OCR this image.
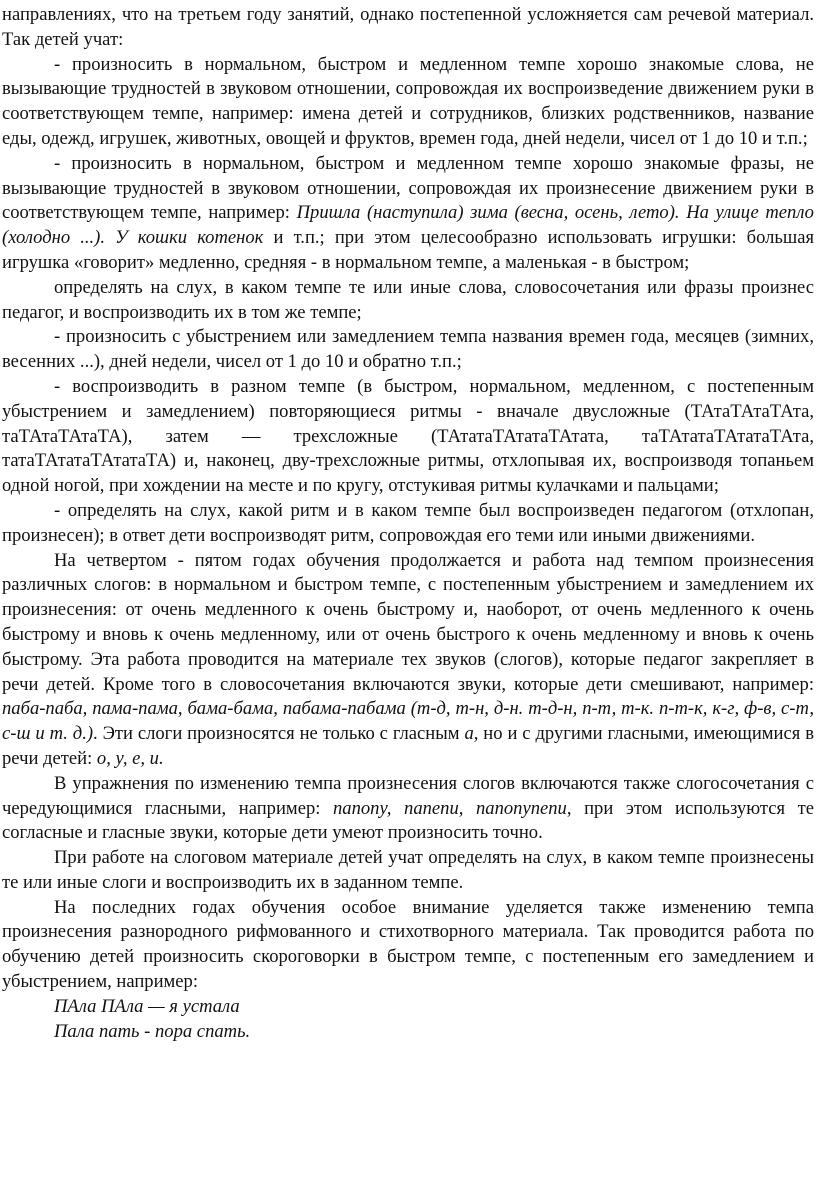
направлениях, что на третьем году занятий, однако постепенной усложняется сам речевой материал. Так детей учат:

- произносить в нормальном, быстром и медленном темпе хорошо знакомые слова, не вызывающие трудностей в звуковом отношении, сопровождая их воспроизведение движением руки в соответствующем темпе, например: имена детей и сотрудников, близких родственников, название еды, одежд, игрушек, животных, овощей и фруктов, времен года, дней недели, чисел от 1 до 10 и т.п.;

- произносить в нормальном, быстром и медленном темпе хорошо знакомые фразы, не вызывающие трудностей в звуковом отношении, сопровождая их произнесение движением руки в соответствующем темпе, например: Пришла (наступила) зима (весна, осень, лето). На улице тепло (холодно ...). У кошки котенок и т.п.; при этом целесообразно использовать игрушки: большая игрушка «говорит» медленно, средняя - в нормальном темпе, а маленькая - в быстром;

определять на слух, в каком темпе те или иные слова, словосочетания или фразы произнес педагог, и воспроизводить их в том же темпе;

- произносить с убыстрением или замедлением темпа названия времен года, месяцев (зимних, весенних ...), дней недели, чисел от 1 до 10 и обратно т.п.;

- воспроизводить в разном темпе (в быстром, нормальном, медленном, с постепенным убыстрением и замедлением) повторяющиеся ритмы - вначале двусложные (ТАтаТАтаТАта, таТАтаТАтаТА), затем — трехсложные (ТАтатаТАтатаТАтата, таТАтатаТАтатаТАта, татаТАтатаТАтатаТА) и, наконец, дву-трехсложные ритмы, отхлопывая их, воспроизводя топаньем одной ногой, при хождении на месте и по кругу, отстукивая ритмы кулачками и пальцами;

- определять на слух, какой ритм и в каком темпе был воспроизведен педагогом (отхлопан, произнесен); в ответ дети воспроизводят ритм, сопровождая его теми или иными движениями.

На четвертом - пятом годах обучения продолжается и работа над темпом произнесения различных слогов: в нормальном и быстром темпе, с постепенным убыстрением и замедлением их произнесения: от очень медленного к очень быстрому и, наоборот, от очень медленного к очень быстрому и вновь к очень медленному, или от очень быстрого к очень медленному и вновь к очень быстрому. Эта работа проводится на материале тех звуков (слогов), которые педагог закрепляет в речи детей. Кроме того в словосочетания включаются звуки, которые дети смешивают, например: паба-паба, пама-пама, бама-бама, пабама-пабама (т-д, т-н, д-н. т-д-н, п-т, т-к. п-т-к, к-г, ф-в, с-т, с-ш и т. д.). Эти слоги произносятся не только с гласным а, но и с другими гласными, имеющимися в речи детей: о, у, е, и.

В упражнения по изменению темпа произнесения слогов включаются также слогосочетания с чередующимися гласными, например: папопу, папепи, папопупепи, при этом используются те согласные и гласные звуки, которые дети умеют произносить точно.

При работе на слоговом материале детей учат определять на слух, в каком темпе произнесены те или иные слоги и воспроизводить их в заданном темпе.

На последних годах обучения особое внимание уделяется также изменению темпа произнесения разнородного рифмованного и стихотворного материала. Так проводится работа по обучению детей произносить скороговорки в быстром темпе, с постепенным его замедлением и убыстрением, например:

ПАла ПАла — я устала

Пала пать - пора спать.
